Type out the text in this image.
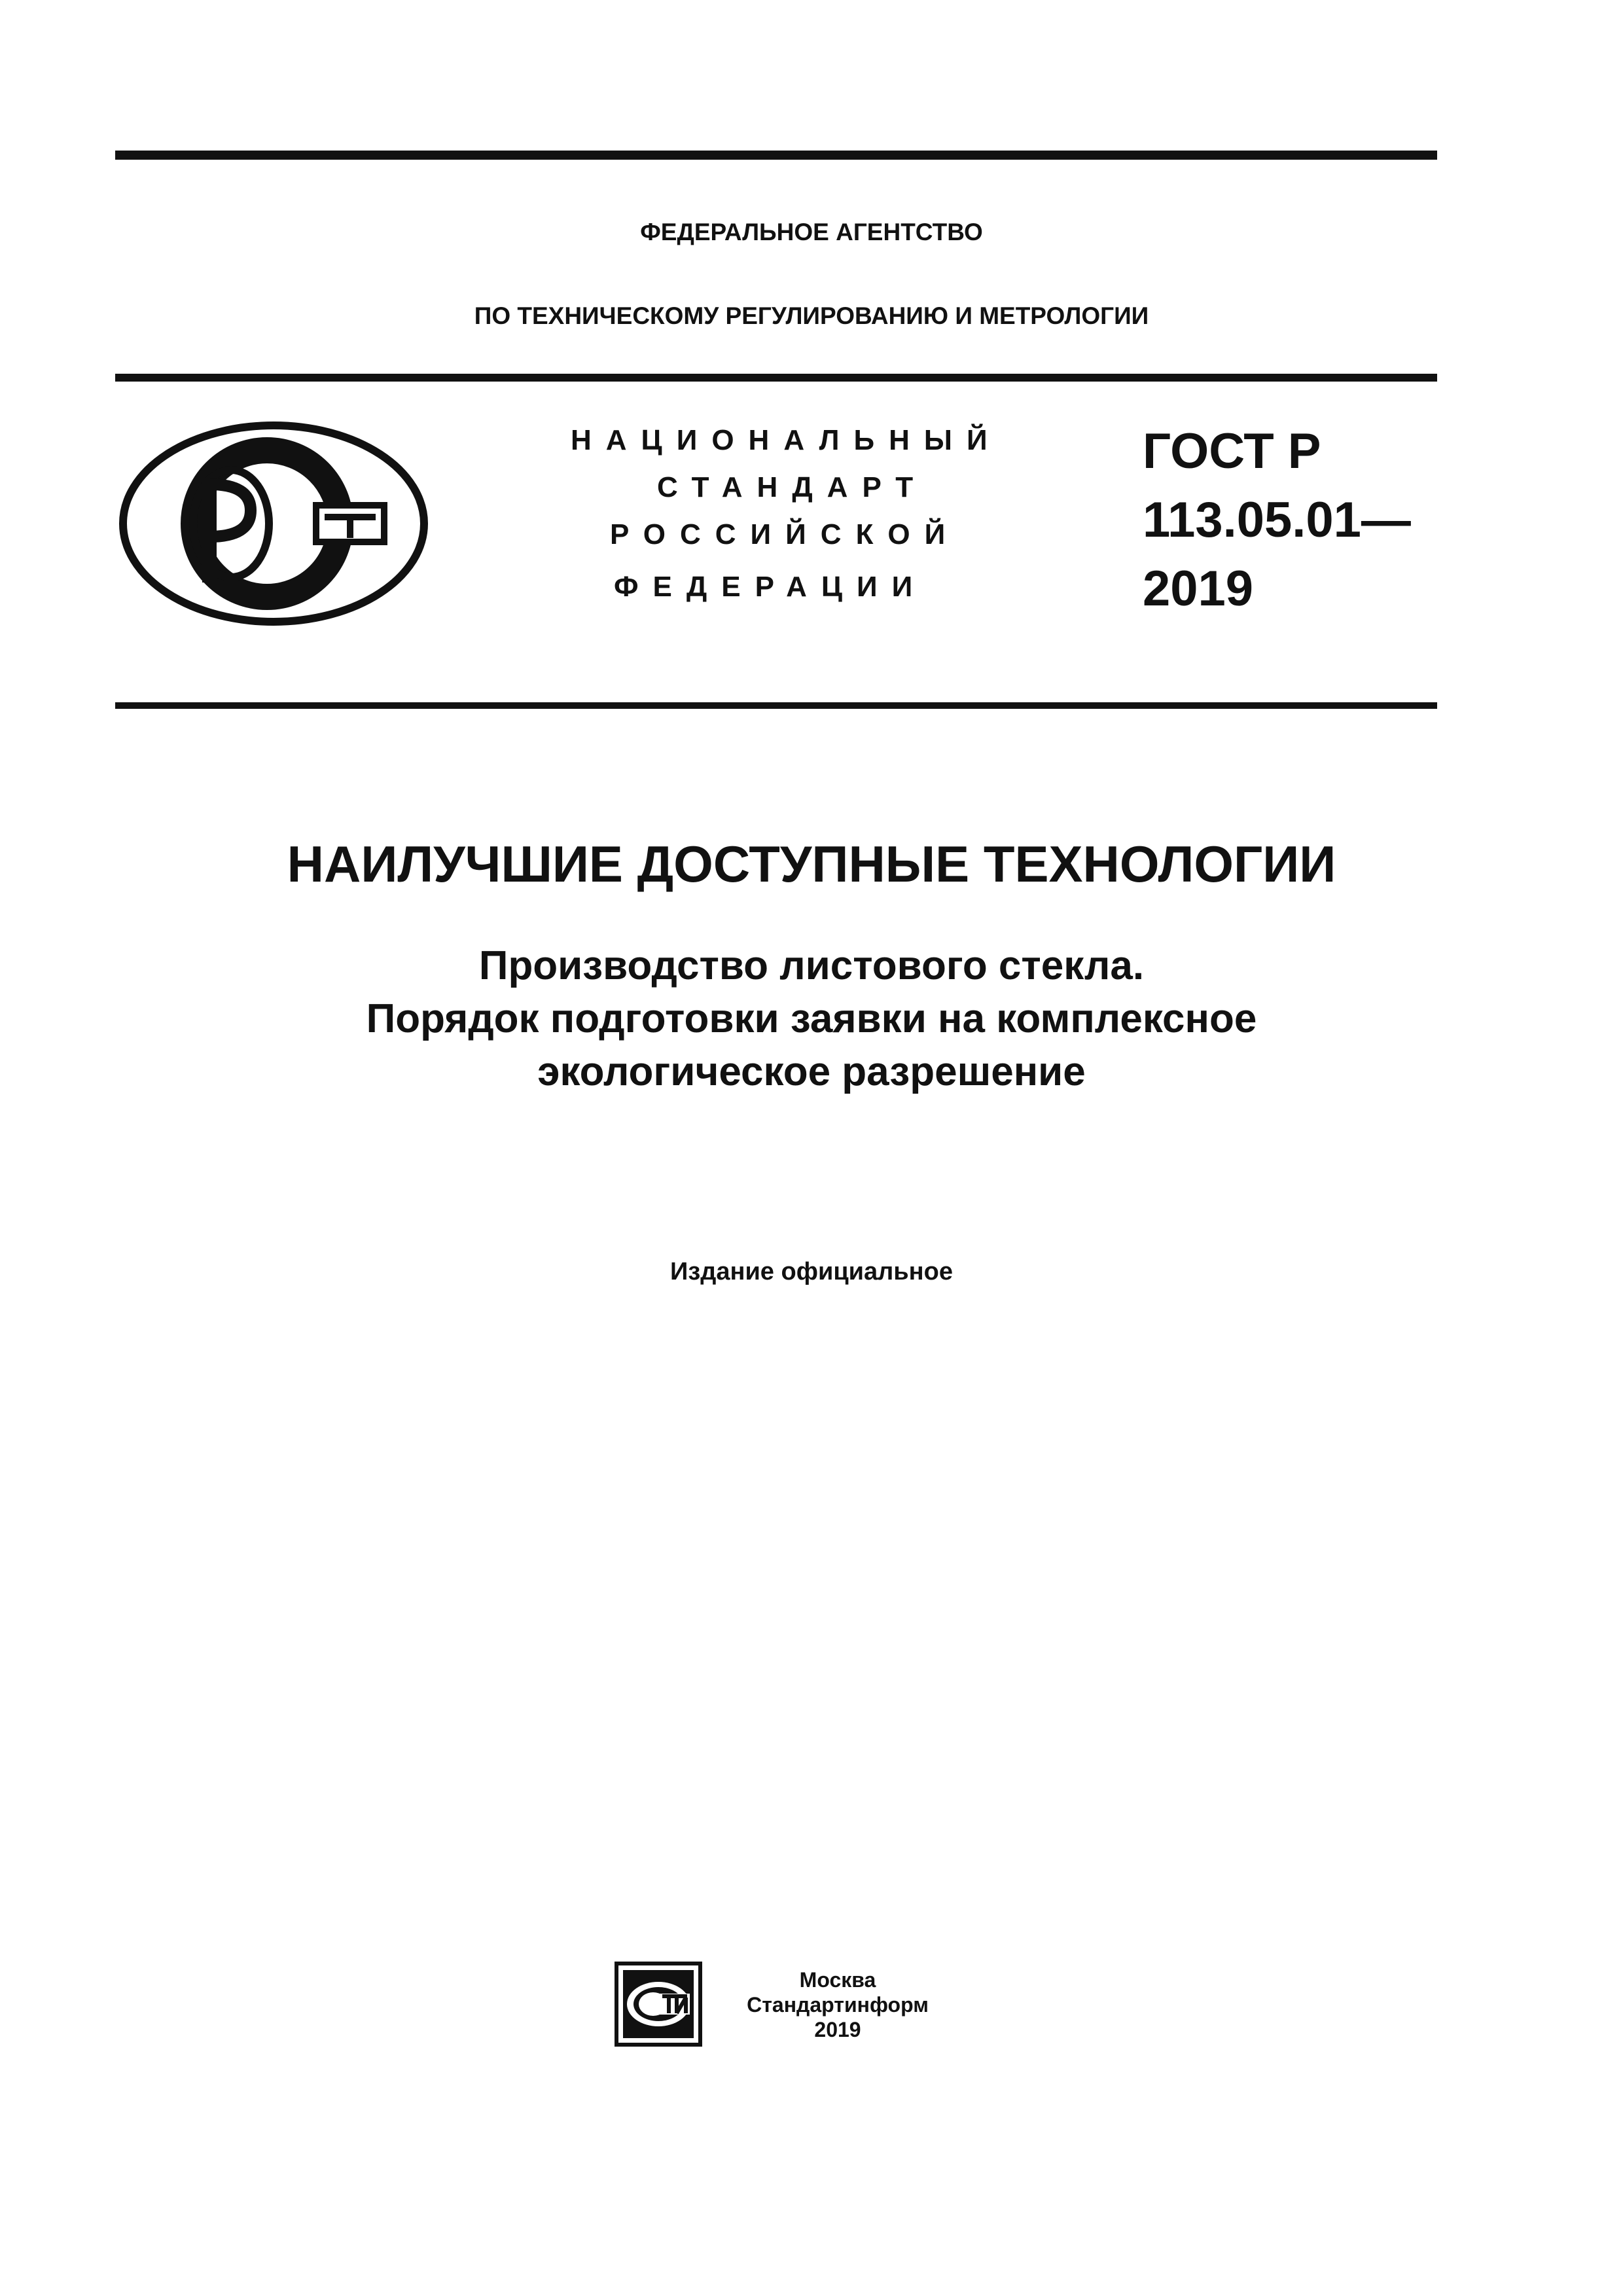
ФЕДЕРАЛЬНОЕ АГЕНТСТВО
ПО ТЕХНИЧЕСКОМУ РЕГУЛИРОВАНИЮ И МЕТРОЛОГИИ
НАЦИОНАЛЬНЫЙ
СТАНДАРТ
РОССИЙСКОЙ
ФЕДЕРАЦИИ
ГОСТ Р
113.05.01—
2019
НАИЛУЧШИЕ ДОСТУПНЫЕ ТЕХНОЛОГИИ
Производство листового стекла.
Порядок подготовки заявки на комплексное
экологическое разрешение
Издание официальное
Москва
Стандартинформ
2019
